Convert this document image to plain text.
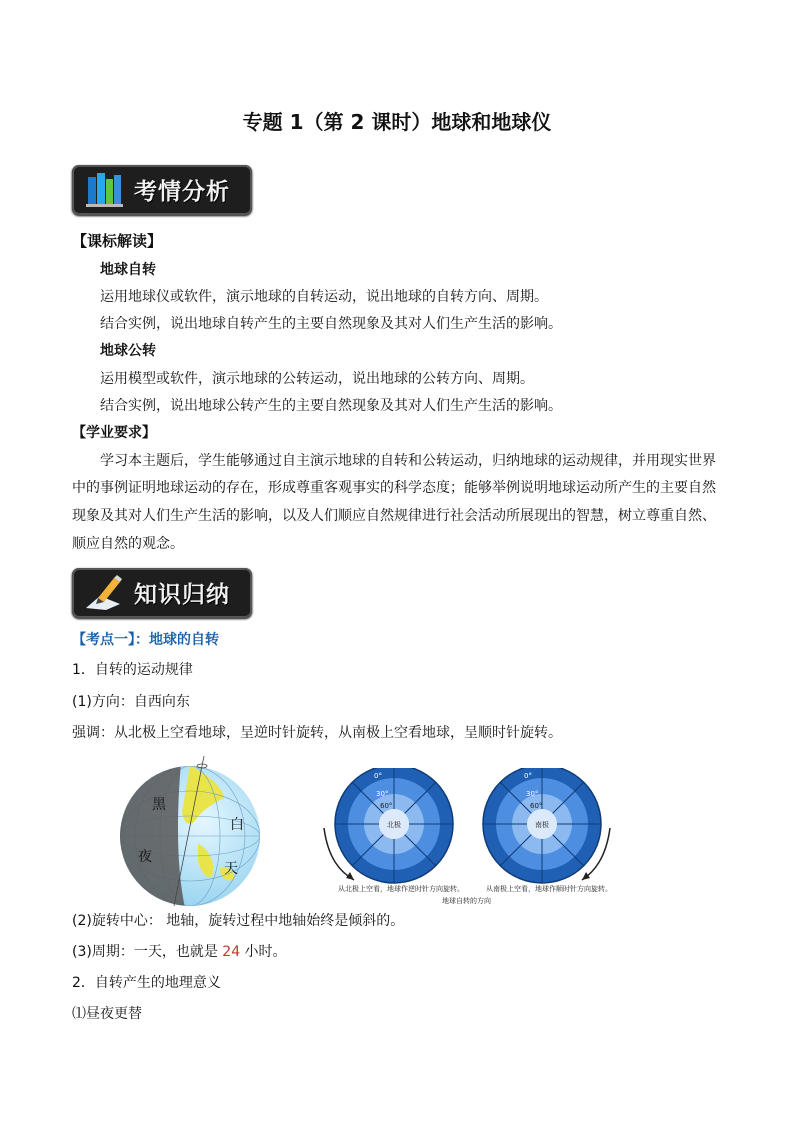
专题 1（第 2 课时）地球和地球仪
考情分析
【课标解读】
地球自转
运用地球仪或软件，演示地球的自转运动，说出地球的自转方向、周期。
结合实例，说出地球自转产生的主要自然现象及其对人们生产生活的影响。
地球公转
运用模型或软件，演示地球的公转运动，说出地球的公转方向、周期。
结合实例，说出地球公转产生的主要自然现象及其对人们生产生活的影响。
【学业要求】
学习本主题后，学生能够通过自主演示地球的自转和公转运动，归纳地球的运动规律，并用现实世界
中的事例证明地球运动的存在，形成尊重客观事实的科学态度；能够举例说明地球运动所产生的主要自然
现象及其对人们生产生活的影响，以及人们顺应自然规律进行社会活动所展现出的智慧，树立尊重自然、
顺应自然的观念。
知识归纳
【考点一】：地球的自转
1．自转的运动规律
(1)方向：自西向东
强调：从北极上空看地球，呈逆时针旋转，从南极上空看地球，呈顺时针旋转。
黑
夜
白
天
0°
30°
60°
0°
30°
60°
北极	南极
从北极上空看，地球作逆时针方向旋转。	从南极上空看，地球作顺时针方向旋转。
地球自转的方向
(2)旋转中心： 地轴，旋转过程中地轴始终是倾斜的。
(3)周期：一天，也就是 24 小时。
2．自转产生的地理意义
⑴昼夜更替
